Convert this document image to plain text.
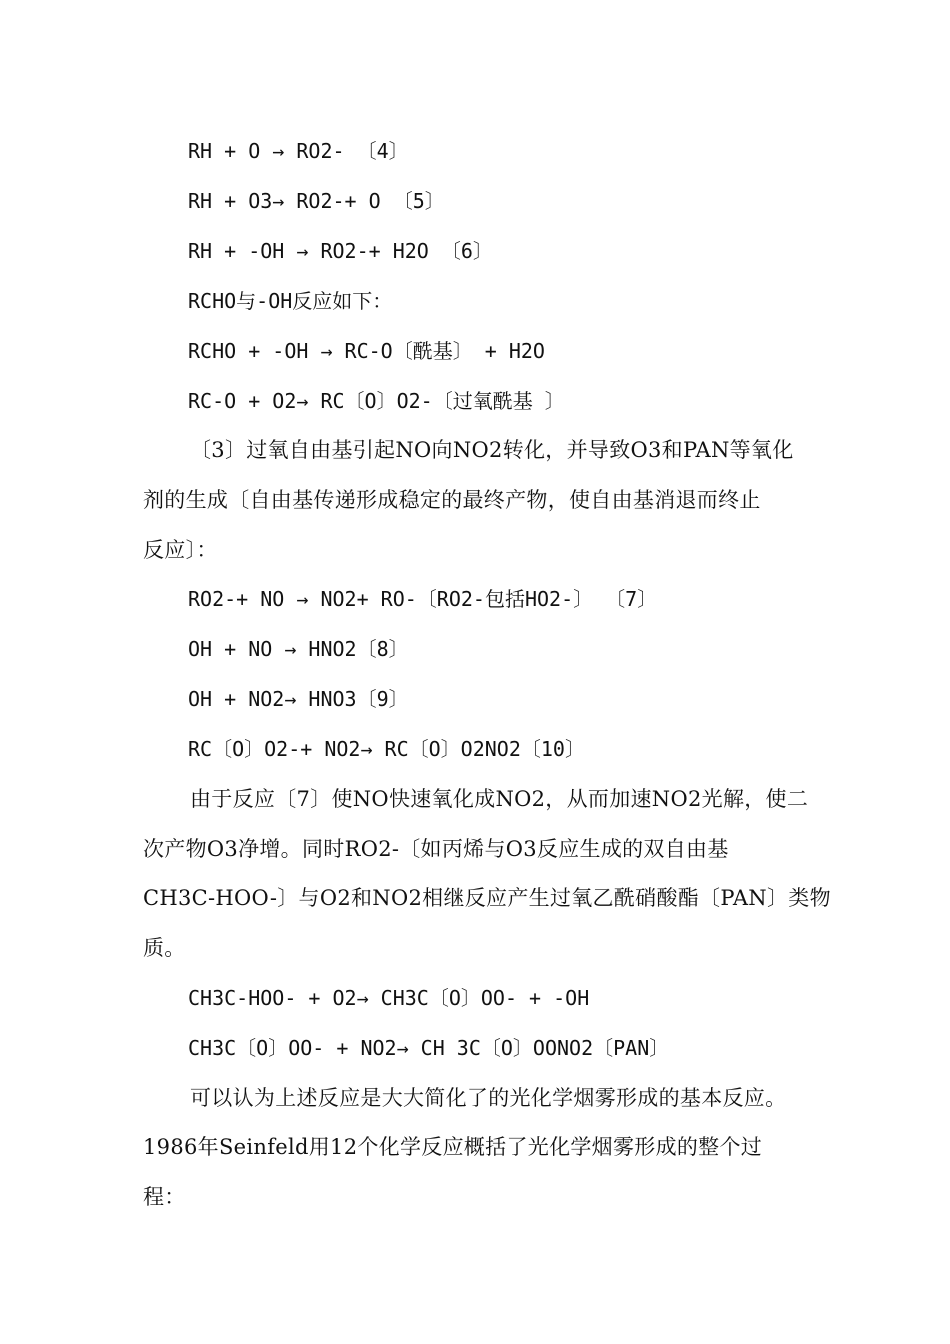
RH + O → RO2- 〔4〕
RH + O3→ RO2-+ O 〔5〕
RH + -OH → RO2-+ H2O 〔6〕
RCHO与-OH反应如下：
RCHO + -OH → RC-O〔酰基〕 + H2O
RC-O + O2→ RC〔O〕O2-〔过氧酰基 〕
〔3〕过氧自由基引起NO向NO2转化，并导致O3和PAN等氧化
剂的生成〔自由基传递形成稳定的最终产物，使自由基消退而终止
反应〕：
RO2-+ NO → NO2+ RO-〔RO2-包括HO2-〕 〔7〕
OH + NO → HNO2〔8〕
OH + NO2→ HNO3〔9〕
RC〔O〕O2-+ NO2→ RC〔O〕O2NO2〔10〕
由于反应〔7〕使NO快速氧化成NO2，从而加速NO2光解，使二
次产物O3净增。同时RO2-〔如丙烯与O3反应生成的双自由基
CH3C-HOO-〕与O2和NO2相继反应产生过氧乙酰硝酸酯〔PAN〕类物
质。
CH3C-HOO- + O2→ CH3C〔O〕OO- + -OH
CH3C〔O〕OO- + NO2→ CH 3C〔O〕OONO2〔PAN〕
可以认为上述反应是大大简化了的光化学烟雾形成的基本反应。
1986年Seinfeld用12个化学反应概括了光化学烟雾形成的整个过
程：
